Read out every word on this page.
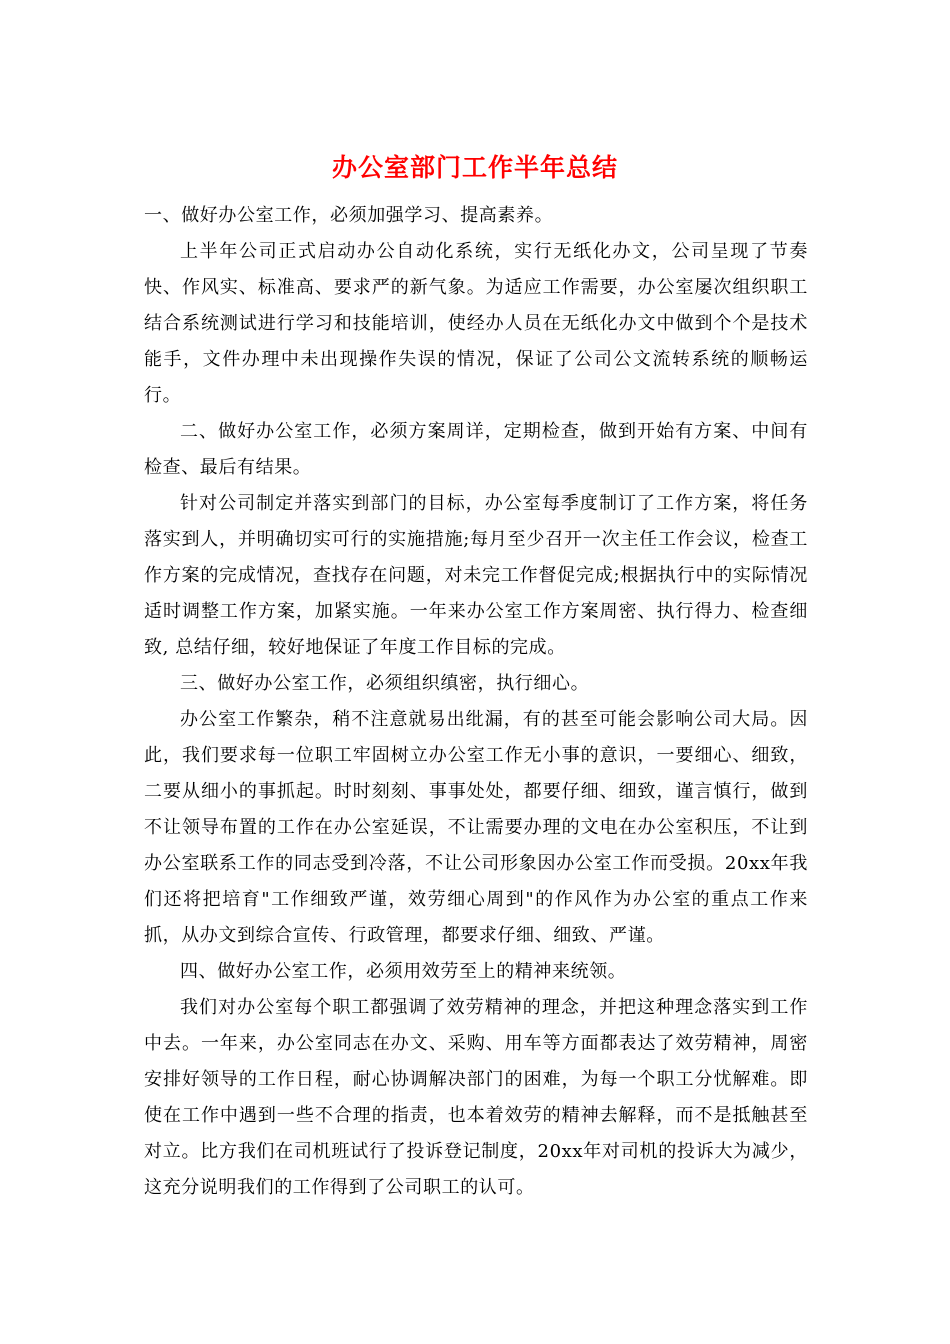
办公室部门工作半年总结

一、做好办公室工作，必须加强学习、提高素养。

上半年公司正式启动办公自动化系统，实行无纸化办文，公司呈现了节奏快、作风实、标准高、要求严的新气象。为适应工作需要，办公室屡次组织职工结合系统测试进行学习和技能培训，使经办人员在无纸化办文中做到个个是技术能手，文件办理中未出现操作失误的情况，保证了公司公文流转系统的顺畅运行。

二、做好办公室工作，必须方案周详，定期检查，做到开始有方案、中间有检查、最后有结果。

针对公司制定并落实到部门的目标，办公室每季度制订了工作方案，将任务落实到人，并明确切实可行的实施措施;每月至少召开一次主任工作会议，检查工作方案的完成情况，查找存在问题，对未完工作督促完成;根据执行中的实际情况适时调整工作方案，加紧实施。一年来办公室工作方案周密、执行得力、检查细致, 总结仔细，较好地保证了年度工作目标的完成。

三、做好办公室工作，必须组织缜密，执行细心。

办公室工作繁杂，稍不注意就易出纰漏，有的甚至可能会影响公司大局。因此，我们要求每一位职工牢固树立办公室工作无小事的意识，一要细心、细致，二要从细小的事抓起。时时刻刻、事事处处，都要仔细、细致，谨言慎行，做到不让领导布置的工作在办公室延误，不让需要办理的文电在办公室积压，不让到办公室联系工作的同志受到冷落，不让公司形象因办公室工作而受损。20xx年我们还将把培育"工作细致严谨，效劳细心周到"的作风作为办公室的重点工作来抓，从办文到综合宣传、行政管理，都要求仔细、细致、严谨。

四、做好办公室工作，必须用效劳至上的精神来统领。

我们对办公室每个职工都强调了效劳精神的理念，并把这种理念落实到工作中去。一年来，办公室同志在办文、采购、用车等方面都表达了效劳精神，周密安排好领导的工作日程，耐心协调解决部门的困难，为每一个职工分忧解难。即使在工作中遇到一些不合理的指责，也本着效劳的精神去解释，而不是抵触甚至对立。比方我们在司机班试行了投诉登记制度，20xx年对司机的投诉大为减少，这充分说明我们的工作得到了公司职工的认可。
